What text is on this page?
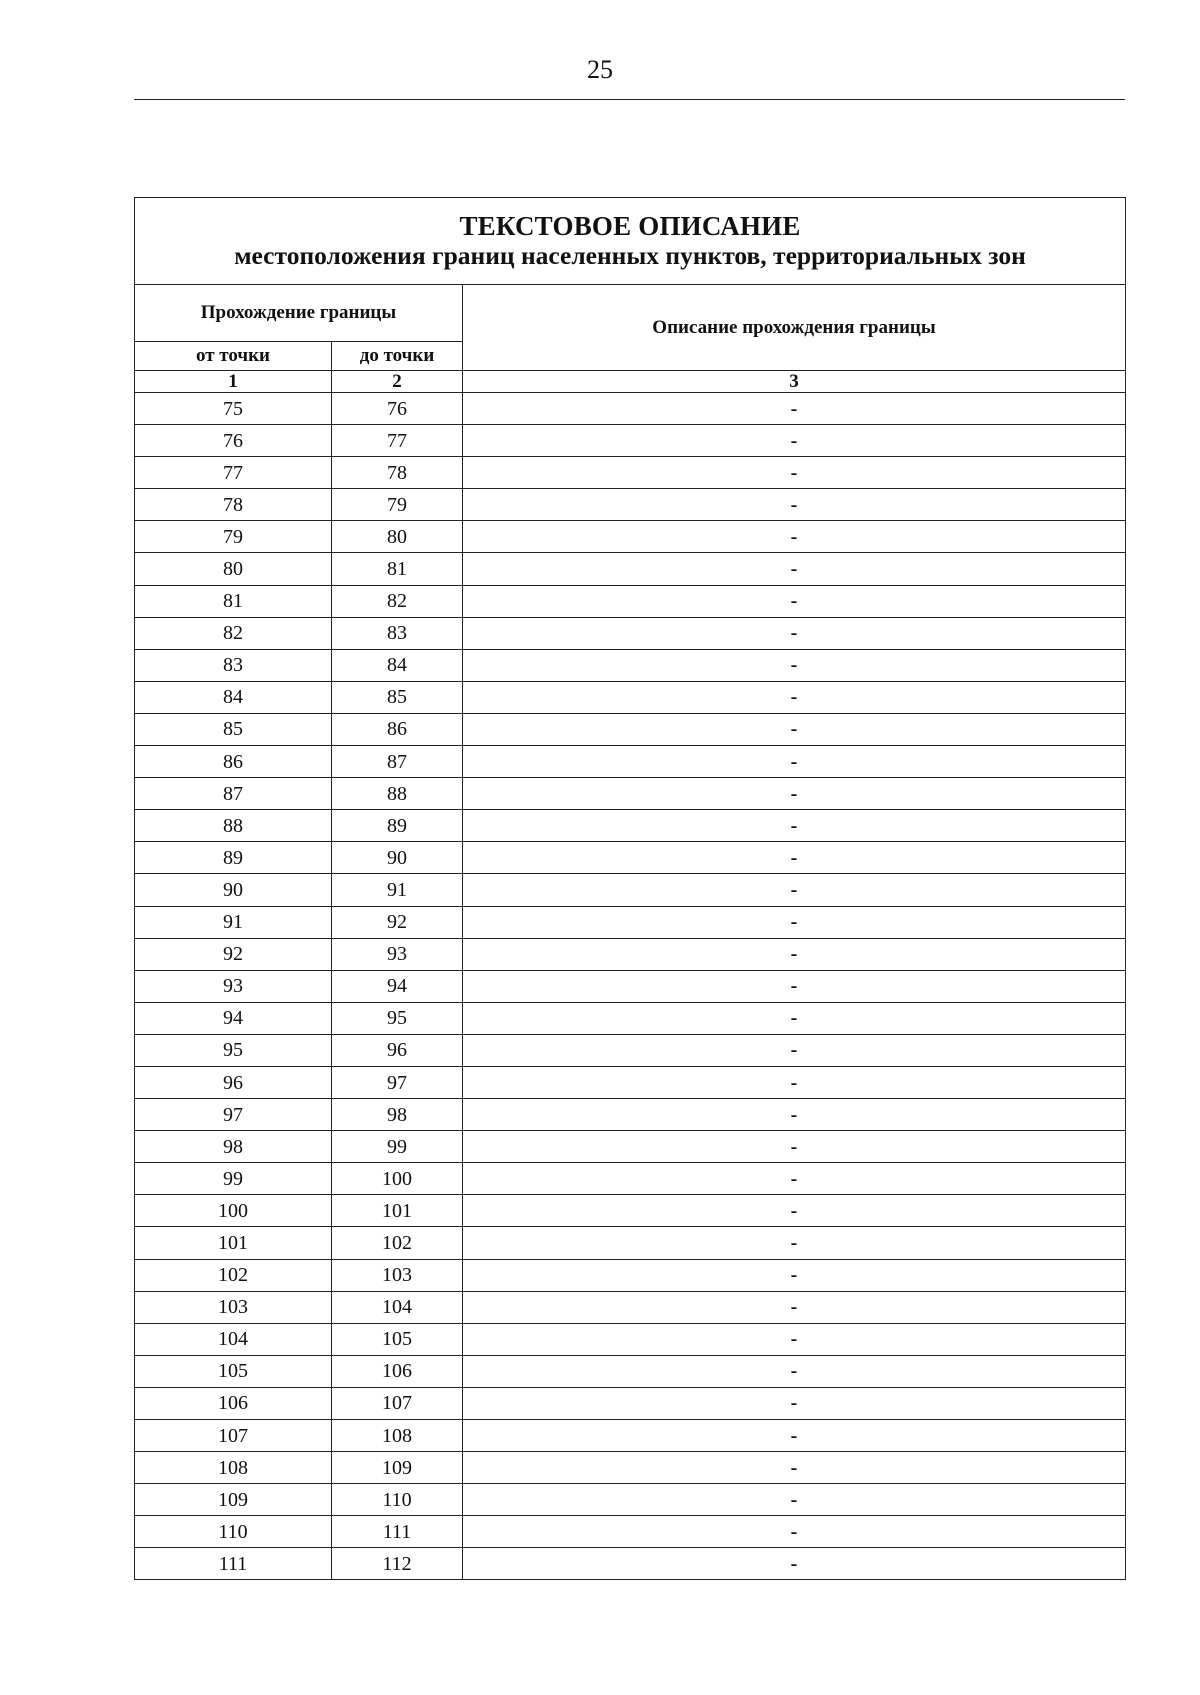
25
ТЕКСТОВОЕ ОПИСАНИЕ
местоположения границ населенных пунктов, территориальных зон		

Прохождение границы		Описание прохождения границы
от точки	до точки	
1	2	3
75	76	-
76	77	-
77	78	-
78	79	-
79	80	-
80	81	-
81	82	-
82	83	-
83	84	-
84	85	-
85	86	-
86	87	-
87	88	-
88	89	-
89	90	-
90	91	-
91	92	-
92	93	-
93	94	-
94	95	-
95	96	-
96	97	-
97	98	-
98	99	-
99	100	-
100	101	-
101	102	-
102	103	-
103	104	-
104	105	-
105	106	-
106	107	-
107	108	-
108	109	-
109	110	-
110	111	-
111	112	-
